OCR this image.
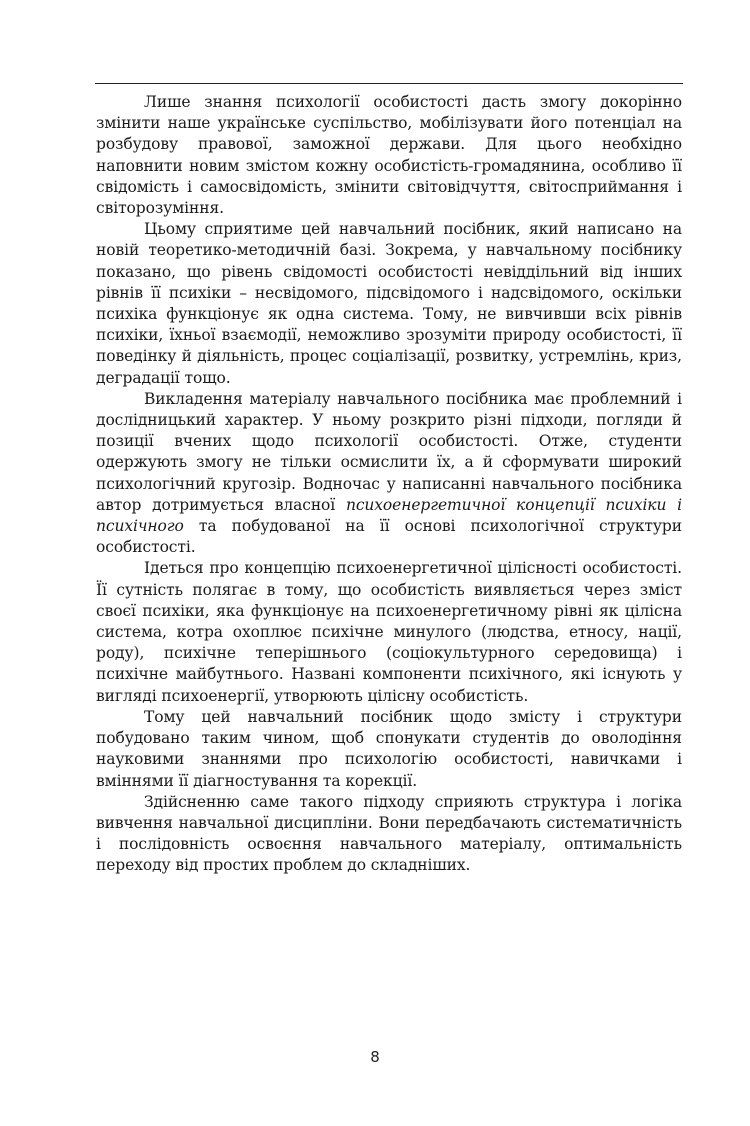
Лише знання психології особистості дасть змогу докорінно змінити наше українське суспільство, мобілізувати його потенціал на розбудову правової, заможної держави. Для цього необхідно наповнити новим змістом кожну особистість-громадянина, особливо її свідомість і самосвідомість, змінити світовідчуття, світосприймання і світорозуміння.

Цьому сприятиме цей навчальний посібник, який написано на новій теоретико-методичній базі. Зокрема, у навчальному посібнику показано, що рівень свідомості особистості невіддільний від інших рівнів її психіки – несвідомого, підсвідомого і надсвідомого, оскільки психіка функціонує як одна система. Тому, не вивчивши всіх рівнів психіки, їхньої взаємодії, неможливо зрозуміти природу особистості, її поведінку й діяльність, процес соціалізації, розвитку, устремлінь, криз, деградації тощо.

Викладення матеріалу навчального посібника має проблемний і дослідницький характер. У ньому розкрито різні підходи, погляди й позиції вчених щодо психології особистості. Отже, студенти одержують змогу не тільки осмислити їх, а й сформувати широкий психологічний кругозір. Водночас у написанні навчального посібника автор дотримується власної психоенергетичної концепції психіки і психічного та побудованої на її основі психологічної структури особистості.

Ідеться про концепцію психоенергетичної цілісності особистості. Її сутність полягає в тому, що особистість виявляється через зміст своєї психіки, яка функціонує на психоенергетичному рівні як цілісна система, котра охоплює психічне минулого (людства, етносу, нації, роду), психічне теперішнього (соціокультурного середовища) і психічне майбутнього. Названі компоненти психічного, які існують у вигляді психоенергії, утворюють цілісну особистість.

Тому цей навчальний посібник щодо змісту і структури побудовано таким чином, щоб спонукати студентів до оволодіння науковими знаннями про психологію особистості, навичками і вміннями її діагностування та корекції.

Здійсненню саме такого підходу сприяють структура і логіка вивчення навчальної дисципліни. Вони передбачають систематичність і послідовність освоєння навчального матеріалу, оптимальність переходу від простих проблем до складніших.

8
